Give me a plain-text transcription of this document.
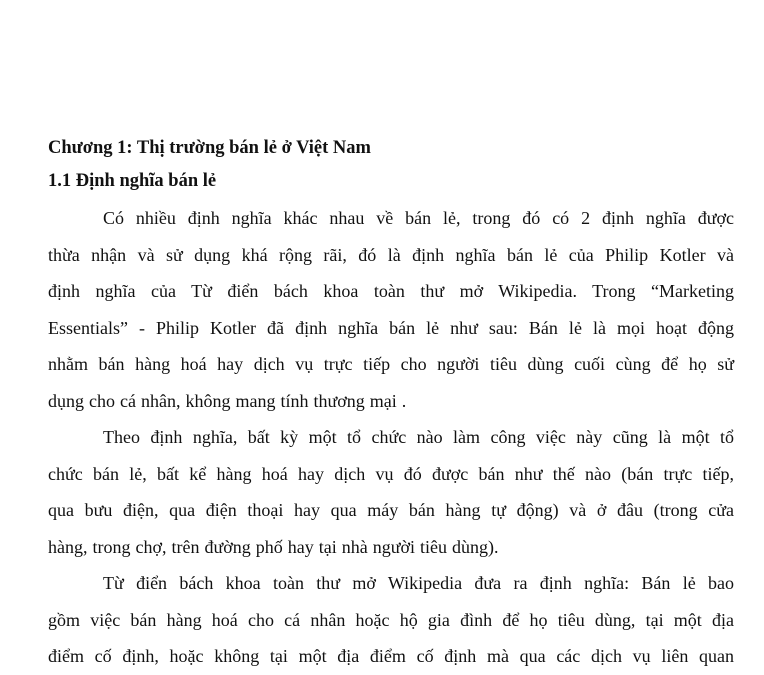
Chương 1: Thị trường bán lẻ ở Việt Nam
1.1 Định nghĩa bán lẻ
Có nhiều định nghĩa khác nhau về bán lẻ, trong đó có 2 định nghĩa được
thừa nhận và sử dụng khá rộng rãi, đó là định nghĩa bán lẻ của Philip Kotler và
định nghĩa của Từ điển bách khoa toàn thư mở Wikipedia. Trong “Marketing
Essentials” - Philip Kotler đã định nghĩa bán lẻ như sau: Bán lẻ là mọi hoạt động
nhằm bán hàng hoá hay dịch vụ trực tiếp cho người tiêu dùng cuối cùng để họ sử
dụng cho cá nhân, không mang tính thương mại .
Theo định nghĩa, bất kỳ một tổ chức nào làm công việc này cũng là một tổ
chức bán lẻ, bất kể hàng hoá hay dịch vụ đó được bán như thế nào (bán trực tiếp,
qua bưu điện, qua điện thoại hay qua máy bán hàng tự động) và ở đâu (trong cửa
hàng, trong chợ, trên đường phố hay tại nhà người tiêu dùng).
Từ điển bách khoa toàn thư mở Wikipedia đưa ra định nghĩa: Bán lẻ bao
gồm việc bán hàng hoá cho cá nhân hoặc hộ gia đình để họ tiêu dùng, tại một địa
điểm cố định, hoặc không tại một địa điểm cố định mà qua các dịch vụ liên quan
